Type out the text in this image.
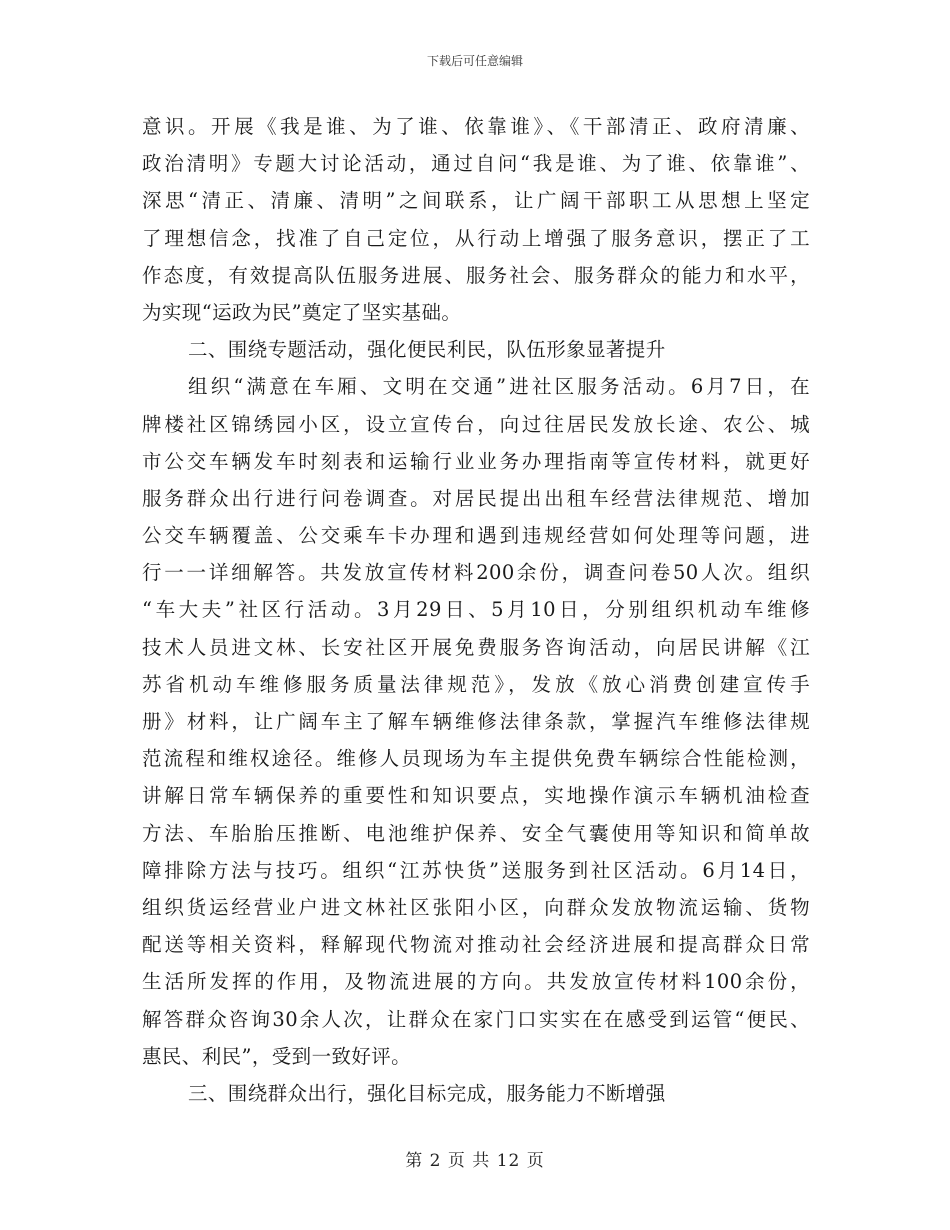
下载后可任意编辑
意识。开展《我是谁、为了谁、依靠谁》、《干部清正、政府清廉、
政治清明》专题大讨论活动，通过自问“我是谁、为了谁、依靠谁”、
深思“清正、清廉、清明”之间联系，让广阔干部职工从思想上坚定
了理想信念，找准了自己定位，从行动上增强了服务意识，摆正了工
作态度，有效提高队伍服务进展、服务社会、服务群众的能力和水平，
为实现“运政为民”奠定了坚实基础。
二、围绕专题活动，强化便民利民，队伍形象显著提升
组织“满意在车厢、文明在交通”进社区服务活动。6月7日，在
牌楼社区锦绣园小区，设立宣传台，向过往居民发放长途、农公、城
市公交车辆发车时刻表和运输行业业务办理指南等宣传材料，就更好
服务群众出行进行问卷调查。对居民提出出租车经营法律规范、增加
公交车辆覆盖、公交乘车卡办理和遇到违规经营如何处理等问题，进
行一一详细解答。共发放宣传材料200余份，调查问卷50人次。组织
“车大夫”社区行活动。3月29日、5月10日，分别组织机动车维修
技术人员进文林、长安社区开展免费服务咨询活动，向居民讲解《江
苏省机动车维修服务质量法律规范》，发放《放心消费创建宣传手
册》材料，让广阔车主了解车辆维修法律条款，掌握汽车维修法律规
范流程和维权途径。维修人员现场为车主提供免费车辆综合性能检测，
讲解日常车辆保养的重要性和知识要点，实地操作演示车辆机油检查
方法、车胎胎压推断、电池维护保养、安全气囊使用等知识和简单故
障排除方法与技巧。组织“江苏快货”送服务到社区活动。6月14日，
组织货运经营业户进文林社区张阳小区，向群众发放物流运输、货物
配送等相关资料，释解现代物流对推动社会经济进展和提高群众日常
生活所发挥的作用，及物流进展的方向。共发放宣传材料100余份，
解答群众咨询30余人次，让群众在家门口实实在在感受到运管“便民、
惠民、利民”，受到一致好评。
三、围绕群众出行，强化目标完成，服务能力不断增强
第 2 页 共 12 页
